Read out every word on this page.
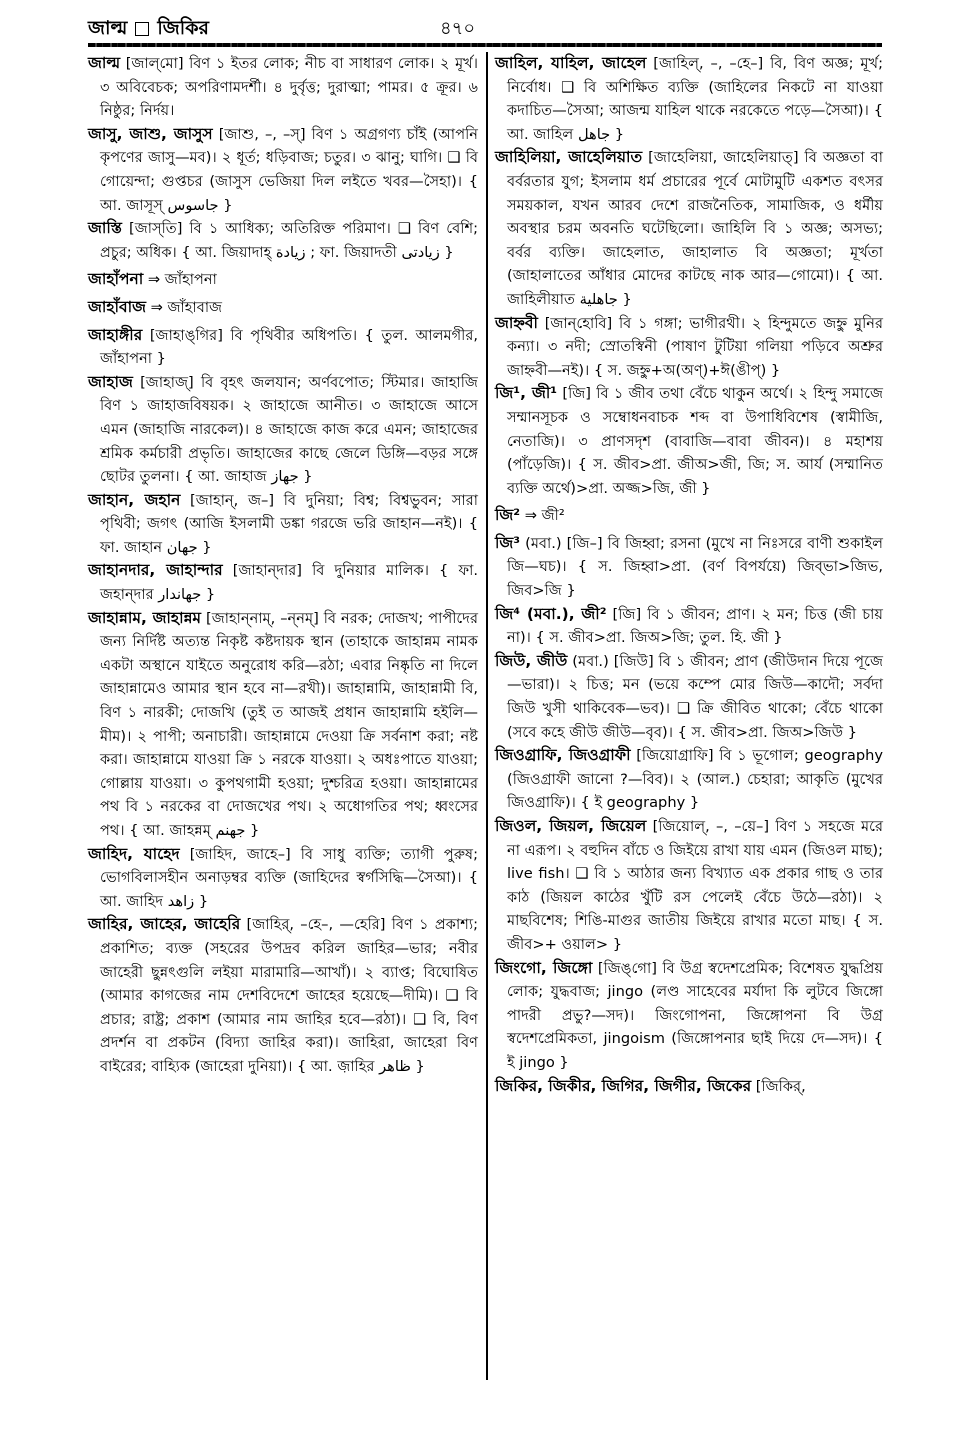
জাল্ম জিকির	৪৭০

জাল্ম [জাল্‌মো] বিণ ১ ইতর লোক; নীচ বা সাধারণ লোক। ২ মূর্খ। ৩ অবিবেচক; অপরিণামদর্শী। ৪ দুর্বৃত্ত; দুরাত্মা; পামর। ৫ ক্রূর। ৬ নিষ্ঠুর; নির্দয়।

জাসু, জাশু, জাসুস [জাশু, –, –স্] বিণ ১ অগ্রগণ্য চাঁই (আপনি কৃপণের জাসু—মব)। ২ ধূর্ত; ধড়িবাজ; চতুর। ৩ ঝানু; ঘাগি। ❑ বি গোয়েন্দা; গুপ্তচর (জাসুস ভেজিয়া দিল লইতে খবর—সৈহা)। { আ. জাসূস্ جاسوس }

জাস্তি [জাস্‌তি] বি ১ আধিক্য; অতিরিক্ত পরিমাণ। ❑ বিণ বেশি; প্রচুর; অধিক। { আ. জিয়াদাহ্ زيادة ; ফা. জিয়াদতী زيادتى }

জাহাঁপনা ⇒ জাঁহাপনা

জাহাঁবাজ ⇒ জাঁহাবাজ

জাহাঙ্গীর [জাহাঙ্‌গির] বি পৃথিবীর অধিপতি। { তুল. আলমগীর, জাঁহাপনা }

জাহাজ [জাহাজ্] বি বৃহৎ জলযান; অর্ণবপোত; স্টিমার। জাহাজি বিণ ১ জাহাজবিষয়ক। ২ জাহাজে আনীত। ৩ জাহাজে আসে এমন (জাহাজি নারকেল)। ৪ জাহাজে কাজ করে এমন; জাহাজের শ্রমিক কর্মচারী প্রভৃতি। জাহাজের কাছে জেলে ডিঙ্গি—বড়র সঙ্গে ছোটর তুলনা। { আ. জাহাজ جهاز }

জাহান, জহান [জাহান্, জ–] বি দুনিয়া; বিশ্ব; বিশ্বভুবন; সারা পৃথিবী; জগৎ (আজি ইসলামী ডঙ্কা গরজে ভরি জাহান—নই)। { ফা. জাহান جهان }

জাহানদার, জাহান্দার [জাহান্‌দার] বি দুনিয়ার মালিক। { ফা. জহান্‌দার جهاندار }

জাহান্নাম, জাহান্নম [জাহান্‌নাম্, –ন্‌নম্] বি নরক; দোজখ; পাপীদের জন্য নির্দিষ্ট অত্যন্ত নিকৃষ্ট কষ্টদায়ক স্থান (তাহাকে জাহান্নম নামক একটা অস্থানে যাইতে অনুরোধ করি—রঠা; এবার নিষ্কৃতি না দিলে জাহান্নামেও আমার স্থান হবে না—রখী)। জাহান্নামি, জাহান্নামী বি, বিণ ১ নারকী; দোজখি (তুই ত আজই প্রধান জাহান্নামি হইলি—মীম)। ২ পাপী; অনাচারী। জাহান্নামে দেওয়া ক্রি সর্বনাশ করা; নষ্ট করা। জাহান্নামে যাওয়া ক্রি ১ নরকে যাওয়া। ২ অধঃপাতে যাওয়া; গোল্লায় যাওয়া। ৩ কুপথগামী হওয়া; দুশ্চরিত্র হওয়া। জাহান্নামের পথ বি ১ নরকের বা দোজখের পথ। ২ অধোগতির পথ; ধ্বংসের পথ। { আ. জাহন্নম্ جهنم }

জাহিদ, যাহেদ [জাহিদ, জাহে–] বি সাধু ব্যক্তি; ত্যাগী পুরুষ; ভোগবিলাসহীন অনাড়ম্বর ব্যক্তি (জাহিদের স্বর্গসিদ্ধি—সৈআ)। { আ. জাহিদ زاهد }

জাহির, জাহের, জাহেরি [জাহির্, –হে–, —হেরি] বিণ ১ প্রকাশ্য; প্রকাশিত; ব্যক্ত (সহরের উপদ্রব করিল জাহির—ভার; নবীর জাহেরী ছুন্নৎগুলি লইয়া মারামারি—আখাঁ)। ২ ব্যাপ্ত; বিঘোষিত (আমার কাগজের নাম দেশবিদেশে জাহের হয়েছে—দীমি)। ❑ বি প্রচার; রাষ্ট্র; প্রকাশ (আমার নাম জাহির হবে—রঠা)। ❑ বি, বিণ প্রদর্শন বা প্রকটন (বিদ্যা জাহির করা)। জাহিরা, জাহেরা বিণ বাইরের; বাহ্যিক (জাহেরা দুনিয়া)। { আ. জ়াহির ظاهر }

জাহিল, যাহিল, জাহেল [জাহিল্, –, –হে–] বি, বিণ অজ্ঞ; মূর্খ; নির্বোধ। ❑ বি অশিক্ষিত ব্যক্তি (জাহিলের নিকটে না যাওয়া কদাচিত—সৈআ; আজন্ম যাহিল থাকে নরকেতে পড়ে—সৈআ)। { আ. জাহিল جاهل }

জাহিলিয়া, জাহেলিয়াত [জাহেলিয়া, জাহেলিয়াত্] বি অজ্ঞতা বা বর্বরতার যুগ; ইসলাম ধর্ম প্রচারের পূর্বে মোটামুটি একশত বৎসর সময়কাল, যখন আরব দেশে রাজনৈতিক, সামাজিক, ও ধর্মীয় অবস্থার চরম অবনতি ঘটেছিলো। জাহিলি বি ১ অজ্ঞ; অসভ্য; বর্বর ব্যক্তি। জাহেলাত, জাহালাত বি অজ্ঞতা; মূর্খতা (জাহালাতের আঁধার মোদের কাটছে নাক আর—গোমো)। { আ. জাহিলীয়াত جاهلية }

জাহ্নবী [জান্‌হোবি] বি ১ গঙ্গা; ভাগীরথী। ২ হিন্দুমতে জহ্নু মুনির কন্যা। ৩ নদী; স্রোতস্বিনী (পাষাণ টুটিয়া গলিয়া পড়িবে অশ্রুর জাহ্নবী—নই)। { স. জহ্নু+অ(অণ্)+ঈ(ঙীপ্) }

জি¹, জী¹ [জি] বি ১ জীব তথা বেঁচে থাকুন অর্থে। ২ হিন্দু সমাজে সম্মানসূচক ও সম্বোধনবাচক শব্দ বা উপাধিবিশেষ (স্বামীজি, নেতাজি)। ৩ প্রাণসদৃশ (বাবাজি—বাবা জীবন)। ৪ মহাশয় (পাঁড়েজি)। { স. জীব>প্রা. জীঅ>জী, জি; স. আর্য (সম্মানিত ব্যক্তি অর্থে)>প্রা. অজ্জ>জি, জী }

জি² ⇒ জী²

জি³ (মবা.) [জি–] বি জিহ্বা; রসনা (মুখে না নিঃসরে বাণী শুকাইল জি—ঘচ)। { স. জিহ্বা>প্রা. (বর্ণ বিপর্যয়ে) জিব্‌ভা>জিভ, জিব>জি }

জি⁴ (মবা.), জী² [জি] বি ১ জীবন; প্রাণ। ২ মন; চিত্ত (জী চায় না)। { স. জীব>প্রা. জিঅ>জি; তুল. হি. জী }

জিউ, জীউ (মবা.) [জিউ] বি ১ জীবন; প্রাণ (জীউদান দিয়ে পূজে—ভারা)। ২ চিত্ত; মন (ভয়ে কম্পে মোর জিউ—কাদৌ; সর্বদা জিউ খুসী থাকিবেক—ভব)। ❑ ক্রি জীবিত থাকো; বেঁচে থাকো (সবে কহে জীউ জীউ—বৃব)। { স. জীব>প্রা. জিঅ>জিউ }

জিওগ্রাফি, জিওগ্রাফী [জিয়োগ্রাফি] বি ১ ভূগোল; geography (জিওগ্রাফী জানো ?—বিব)। ২ (আল.) চেহারা; আকৃতি (মুখের জিওগ্রাফি)। { ই geography }

জিওল, জিয়ল, জিয়েল [জিয়োল্, –, –য়ে–] বিণ ১ সহজে মরে না এরূপ। ২ বহুদিন বাঁচে ও জিইয়ে রাখা যায় এমন (জিওল মাছ); live fish। ❑ বি ১ আঠার জন্য বিখ্যাত এক প্রকার গাছ ও তার কাঠ (জিয়ল কাঠের খুঁটি রস পেলেই বেঁচে উঠে—রঠা)। ২ মাছবিশেষ; শিঙি-মাগুর জাতীয় জিইয়ে রাখার মতো মাছ। { স. জীব>+ ওয়াল> }

জিংগো, জিঙ্গো [জিঙ্‌গো] বি উগ্র স্বদেশপ্রেমিক; বিশেষত যুদ্ধপ্রিয় লোক; যুদ্ধবাজ; jingo (লণ্ড সাহেবের মর্যাদা কি লুটবে জিঙ্গো পাদরী প্রভু?—সদ)। জিংগোপনা, জিঙ্গোপনা বি উগ্র স্বদেশপ্রেমিকতা, jingoism (জিঙ্গোপনার ছাই দিয়ে দে—সদ)। { ই jingo }

জিকির, জিকীর, জিগির, জিগীর, জিকের [জিকির্,
